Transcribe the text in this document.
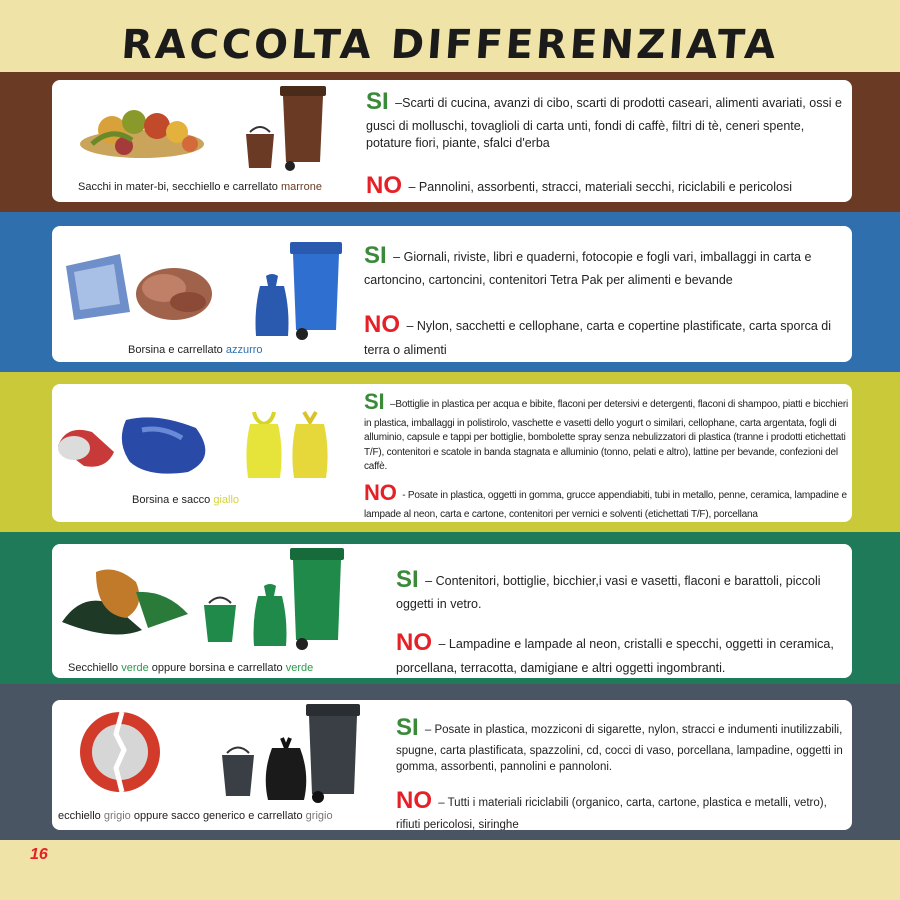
RACCOLTA DIFFERENZIATA
Sacchi in mater-bi, secchiello e carrellato marrone

SI –Scarti di cucina, avanzi di cibo, scarti di prodotti caseari, alimenti avariati, ossi e gusci di molluschi, tovaglioli di carta unti, fondi di caffè, filtri di tè, ceneri spente, potature fiori, piante, sfalci d'erba

NO – Pannolini, assorbenti, stracci, materiali secchi, riciclabili e pericolosi

Borsina e carrellato azzurro

SI – Giornali, riviste, libri e quaderni, fotocopie e fogli vari, imballaggi in carta e cartoncino, cartoncini, contenitori Tetra Pak per alimenti e bevande

NO – Nylon, sacchetti e cellophane, carta e copertine plastificate, carta sporca di terra o alimenti

Borsina e sacco giallo

SI –Bottiglie in plastica per acqua e bibite, flaconi per detersivi e detergenti, flaconi di shampoo, piatti e bicchieri in plastica, imballaggi in polistirolo, vaschette e vasetti dello yogurt o similari, cellophane, carta argentata, fogli di alluminio, capsule e tappi per bottiglie, bombolette spray senza nebulizzatori di plastica (tranne i prodotti etichettati T/F), contenitori e scatole in banda stagnata e alluminio (tonno, pelati e altro), lattine per bevande, confezioni del caffè.

NO - Posate in plastica, oggetti in gomma, grucce appendiabiti, tubi in metallo, penne, ceramica, lampadine e lampade al neon, carta e cartone, contenitori per vernici e solventi (etichettati T/F), porcellana

Secchiello verde oppure borsina e carrellato verde

SI – Contenitori, bottiglie, bicchier,i vasi e vasetti, flaconi e barattoli, piccoli oggetti in vetro.

NO – Lampadine e lampade al neon, cristalli e specchi, oggetti in ceramica, porcellana, terracotta, damigiane e altri oggetti ingombranti.

ecchiello grigio oppure sacco generico e carrellato grigio

SI – Posate in plastica, mozziconi di sigarette, nylon, stracci e indumenti inutilizzabili, spugne, carta plastificata, spazzolini, cd, cocci di vaso, porcellana, lampadine, oggetti in gomma, assorbenti, pannolini e pannoloni.

NO – Tutti i materiali riciclabili (organico, carta, cartone, plastica e metalli, vetro), rifiuti pericolosi, siringhe

16
